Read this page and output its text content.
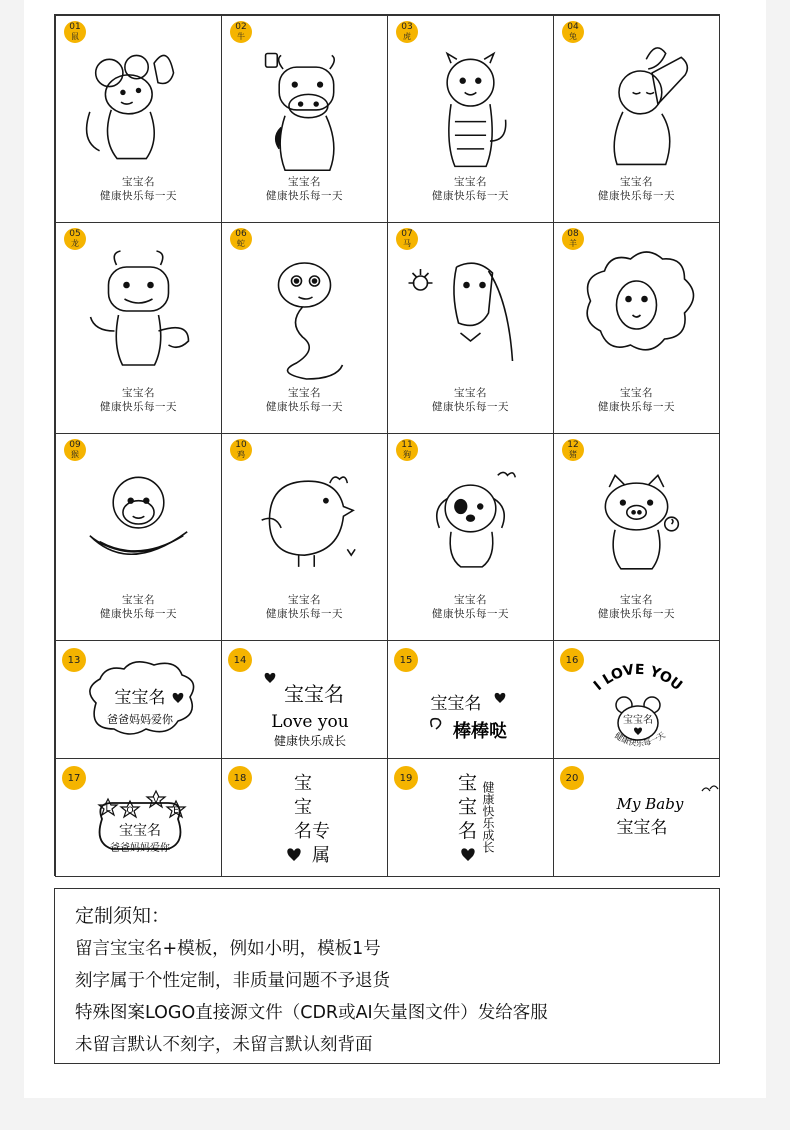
01
鼠
宝宝名
健康快乐每一天
02
牛
宝宝名
健康快乐每一天
03
虎
宝宝名
健康快乐每一天
04
兔
宝宝名
健康快乐每一天
05
龙
宝宝名
健康快乐每一天
06
蛇
宝宝名
健康快乐每一天
07
马
宝宝名
健康快乐每一天
08
羊
宝宝名
健康快乐每一天
09
猴
宝宝名
健康快乐每一天
10
鸡
宝宝名
健康快乐每一天
11
狗
宝宝名
健康快乐每一天
12
猪
宝宝名
健康快乐每一天
13
宝宝名
爸爸妈妈爱你
14
宝宝名
Love you
健康快乐成长
15
宝宝名
棒棒哒
16
I LOVE YOU
宝宝名
健康快乐每一天
17
L O
V
E
宝宝名
爸爸妈妈爱你
18	宝
宝
名专
属
19 宝
宝
名 健康快乐成长
20
My Baby
宝宝名
定制须知：
留言宝宝名+模板，例如小明，模板1号
刻字属于个性定制，非质量问题不予退货
特殊图案LOGO直接源文件（CDR或AI矢量图文件）发给客服
未留言默认不刻字，未留言默认刻背面
